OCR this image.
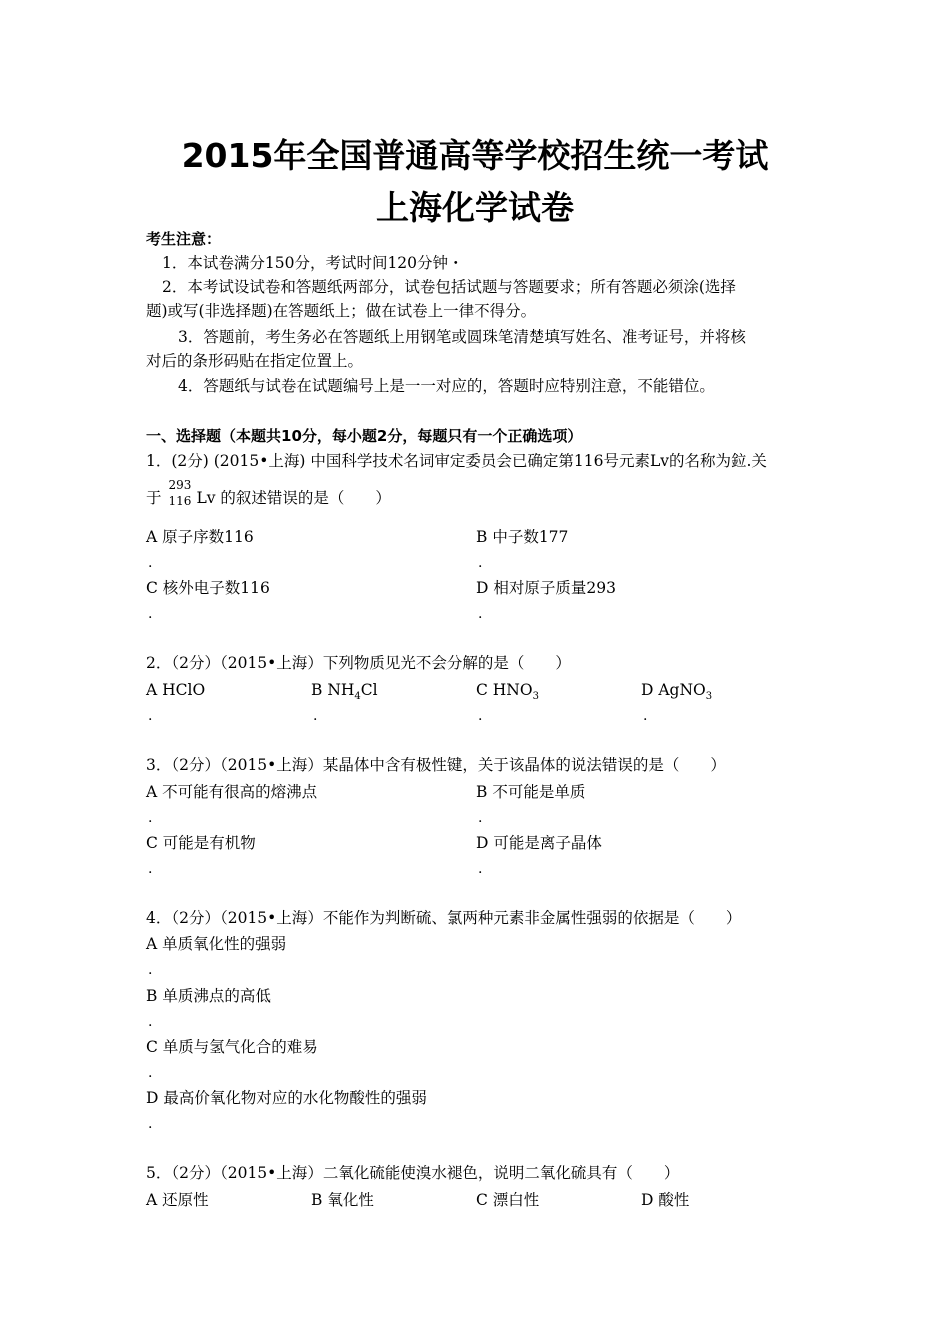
2015年全国普通高等学校招生统一考试
上海化学试卷
考生注意：
1．本试卷满分150分，考试时间120分钟・
2．本考试设试卷和答题纸两部分，试卷包括试题与答题要求；所有答题必须涂(选择
题)或写(非选择题)在答题纸上；做在试卷上一律不得分。
3．答题前，考生务必在答题纸上用钢笔或圆珠笔清楚填写姓名、准考证号，并将核
对后的条形码贴在指定位置上。
4．答题纸与试卷在试题编号上是一一对应的，答题时应特别注意，不能错位。
一、选择题（本题共10分，每小题2分，每题只有一个正确选项）
1．(2分) (2015•上海) 中国科学技术名词审定委员会已确定第116号元素Lv的名称为鉝.关
于
293
116 Lv 的叙述错误的是（　　）
A 原子序数116	B 中子数177
.	.
C 核外电子数116	D 相对原子质量293
.	.
2．（2分）（2015•上海）下列物质见光不会分解的是（　　）
A HClO	B $NH_4Cl$	C $HNO_3$	D AgNO$_3$
.	.	.	.
3．（2分）（2015•上海）某晶体中含有极性键，关于该晶体的说法错误的是（　　）
A 不可能有很高的熔沸点	B 不可能是单质
.	.
C 可能是有机物	D 可能是离子晶体
.	.
4．（2分）（2015•上海）不能作为判断硫、氯两种元素非金属性强弱的依据是（　　）
A 单质氧化性的强弱
.
B 单质沸点的高低
.
C 单质与氢气化合的难易
.
D 最高价氧化物对应的水化物酸性的强弱
.
5．（2分）（2015•上海）二氧化硫能使溴水褪色，说明二氧化硫具有（　　）
A 还原性	B 氧化性	C 漂白性	D 酸性
